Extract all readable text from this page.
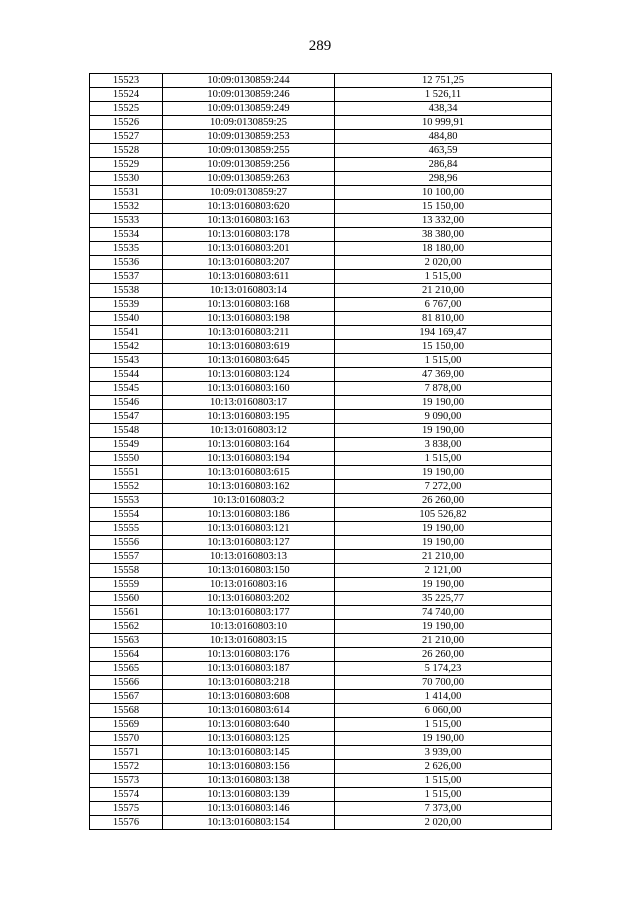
289
15523	10:09:0130859:244	12 751,25
15524	10:09:0130859:246	1 526,11
15525	10:09:0130859:249	438,34
15526	10:09:0130859:25	10 999,91
15527	10:09:0130859:253	484,80
15528	10:09:0130859:255	463,59
15529	10:09:0130859:256	286,84
15530	10:09:0130859:263	298,96
15531	10:09:0130859:27	10 100,00
15532	10:13:0160803:620	15 150,00
15533	10:13:0160803:163	13 332,00
15534	10:13:0160803:178	38 380,00
15535	10:13:0160803:201	18 180,00
15536	10:13:0160803:207	2 020,00
15537	10:13:0160803:611	1 515,00
15538	10:13:0160803:14	21 210,00
15539	10:13:0160803:168	6 767,00
15540	10:13:0160803:198	81 810,00
15541	10:13:0160803:211	194 169,47
15542	10:13:0160803:619	15 150,00
15543	10:13:0160803:645	1 515,00
15544	10:13:0160803:124	47 369,00
15545	10:13:0160803:160	7 878,00
15546	10:13:0160803:17	19 190,00
15547	10:13:0160803:195	9 090,00
15548	10:13:0160803:12	19 190,00
15549	10:13:0160803:164	3 838,00
15550	10:13:0160803:194	1 515,00
15551	10:13:0160803:615	19 190,00
15552	10:13:0160803:162	7 272,00
15553	10:13:0160803:2	26 260,00
15554	10:13:0160803:186	105 526,82
15555	10:13:0160803:121	19 190,00
15556	10:13:0160803:127	19 190,00
15557	10:13:0160803:13	21 210,00
15558	10:13:0160803:150	2 121,00
15559	10:13:0160803:16	19 190,00
15560	10:13:0160803:202	35 225,77
15561	10:13:0160803:177	74 740,00
15562	10:13:0160803:10	19 190,00
15563	10:13:0160803:15	21 210,00
15564	10:13:0160803:176	26 260,00
15565	10:13:0160803:187	5 174,23
15566	10:13:0160803:218	70 700,00
15567	10:13:0160803:608	1 414,00
15568	10:13:0160803:614	6 060,00
15569	10:13:0160803:640	1 515,00
15570	10:13:0160803:125	19 190,00
15571	10:13:0160803:145	3 939,00
15572	10:13:0160803:156	2 626,00
15573	10:13:0160803:138	1 515,00
15574	10:13:0160803:139	1 515,00
15575	10:13:0160803:146	7 373,00
15576	10:13:0160803:154	2 020,00
